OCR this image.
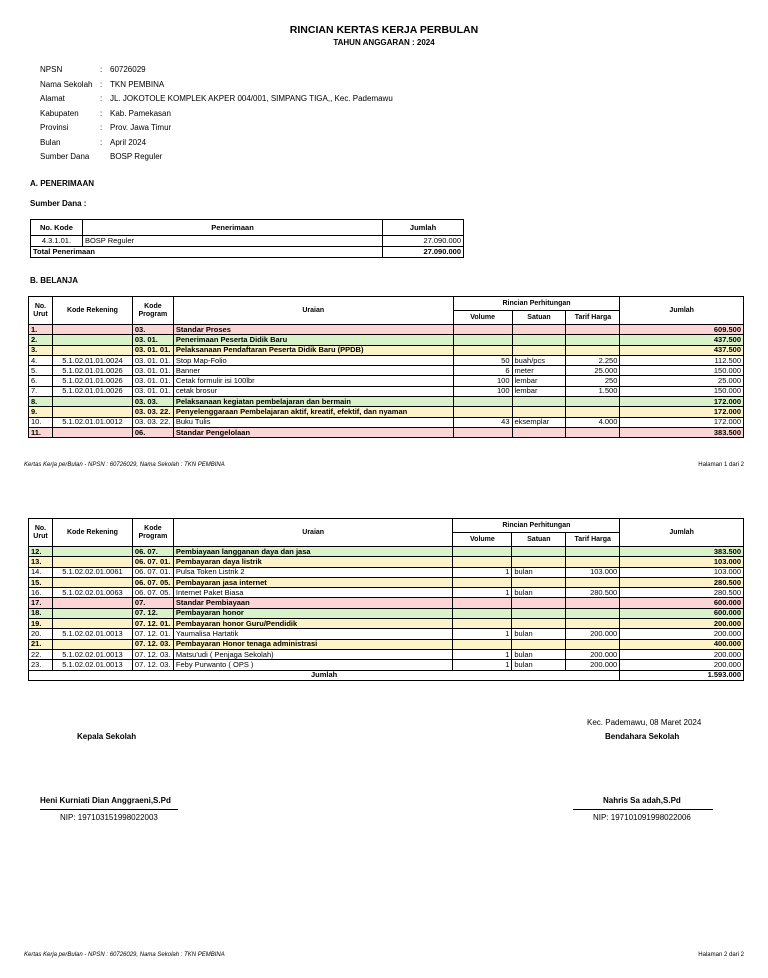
RINCIAN KERTAS KERJA PERBULAN
TAHUN ANGGARAN : 2024
NPSN	: 60726029
Nama Sekolah : TKN PEMBINA
Alamat	: JL. JOKOTOLE KOMPLEK AKPER 004/001, SIMPANG TIGA,, Kec. Pademawu
Kabupaten	: Kab. Pamekasan
Provinsi	: Prov. Jawa Timur
Bulan	: April 2024
Sumber Dana	BOSP Reguler
A. PENERIMAAN
Sumber Dana :
No. Kode	Penerimaan	Jumlah
4.3.1.01.	BOSP Reguler	27.090.000
Total Penerimaan		27.090.000
B. BELANJA
No. Urut	Kode Rekening	Kode Program	Uraian	Rincian Perhitungan			Jumlah
				Volume	Satuan	Tarif Harga	
1.		03.	Standar Proses				609.500
2.		03. 01.	Penerimaan Peserta Didik Baru				437.500
3.		03. 01. 01.	Pelaksanaan Pendaftaran Peserta Didik Baru (PPDB)				437.500
4.	5.1.02.01.01.0024	03. 01. 01.	Stop Map-Folio	50	buah/pcs	2.250	112.500
5.	5.1.02.01.01.0026	03. 01. 01.	Banner	6	meter	25.000	150.000
6.	5.1.02.01.01.0026	03. 01. 01.	Cetak formulir isi 100lbr	100	lembar	250	25.000
7.	5.1.02.01.01.0026	03. 01. 01.	cetak brosur	100	lembar	1.500	150.000
8.		03. 03.	Pelaksanaan kegiatan pembelajaran dan bermain				172.000
9.		03. 03. 22.	Penyelenggaraan Pembelajaran aktif, kreatif, efektif, dan nyaman				172.000
10.	5.1.02.01.01.0012	03. 03. 22.	Buku Tulis	43	eksemplar	4.000	172.000
11.		06.	Standar Pengelolaan				383.500
Kertas Kerja perBulan - NPSN : 60726029, Nama Sekolah : TKN PEMBINA	Halaman 1 dari 2
No. Urut	Kode Rekening	Kode Program	Uraian	Rincian Perhitungan			Jumlah
				Volume	Satuan	Tarif Harga	
12.		06. 07.	Pembiayaan langganan daya dan jasa				383.500
13.		06. 07. 01.	Pembayaran daya listrik				103.000
14.	5.1.02.02.01.0061	06. 07. 01.	Pulsa Token Listrik 2	1	bulan	103.000	103.000
15.		06. 07. 05.	Pembayaran jasa internet				280.500
16.	5.1.02.02.01.0063	06. 07. 05.	Internet Paket Biasa	1	bulan	280.500	280.500
17.		07.	Standar Pembiayaan				600.000
18.		07. 12.	Pembayaran honor				600.000
19.		07. 12. 01.	Pembayaran honor Guru/Pendidik				200.000
20.	5.1.02.02.01.0013	07. 12. 01.	Yaumalisa Hartatik	1	bulan	200.000	200.000
21.		07. 12. 03.	Pembayaran Honor tenaga administrasi				400.000
22.	5.1.02.02.01.0013	07. 12. 03.	Matsu'udi ( Penjaga Sekolah)	1	bulan	200.000	200.000
23.	5.1.02.02.01.0013	07. 12. 03.	Feby Purwanto ( OPS )	1	bulan	200.000	200.000
Jumlah							1.593.000
Kec. Pademawu, 08 Maret 2024
Kepala Sekolah	Bendahara Sekolah
Heni Kurniati Dian Anggraeni,S.Pd	Nahris Sa adah,S.Pd
NIP: 197103151998022003	NIP: 197101091998022006
Kertas Kerja perBulan - NPSN : 60726029, Nama Sekolah : TKN PEMBINA	Halaman 2 dari 2
